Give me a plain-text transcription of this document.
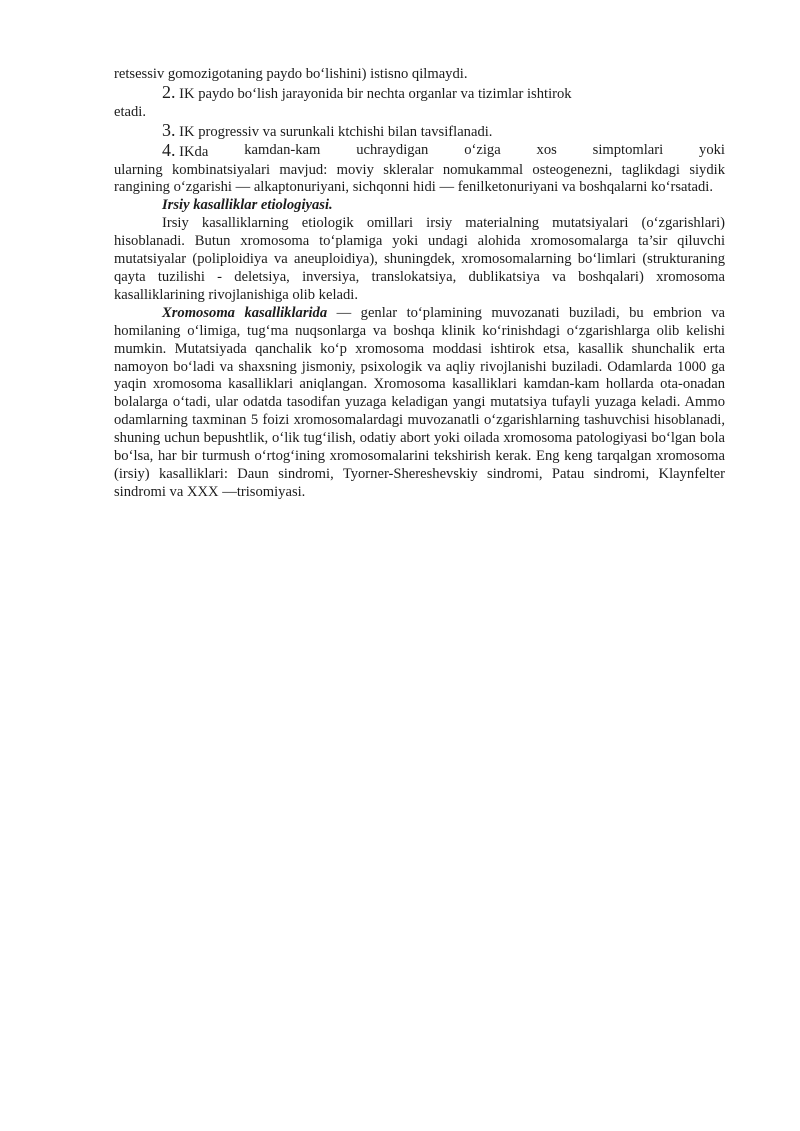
retsessiv gomozigotaning paydo bo‘lishini) istisno qilmaydi.

2. IK paydo bo‘lish jarayonida bir nechta organlar va tizimlar ishtirok

etadi.

3. IK progressiv va surunkali ktchishi bilan tavsiflanadi.

4. IKda kamdan-kam uchraydigan o‘ziga xos simptomlari yoki

ularning kombinatsiyalari mavjud: moviy skleralar nomukammal osteogenezni, taglikdagi siydik rangining o‘zgarishi — alkaptonuriyani, sichqonni hidi — fenilketonuriyani va boshqalarni ko‘rsatadi.

Irsiy kasalliklar etiologiyasi.

Irsiy kasalliklarning etiologik omillari irsiy materialning mutatsiyalari (o‘zgarishlari) hisoblanadi. Butun xromosoma to‘plamiga yoki undagi alohida xromosomalarga ta’sir qiluvchi mutatsiyalar (poliploidiya va aneuploidiya), shuningdek, xromosomalarning bo‘limlari (strukturaning qayta tuzilishi - deletsiya, inversiya, translokatsiya, dublikatsiya va boshqalari) xromosoma kasalliklarining rivojlanishiga olib keladi.

Xromosoma kasalliklarida — genlar to‘plamining muvozanati buziladi, bu embrion va homilaning o‘limiga, tug‘ma nuqsonlarga va boshqa klinik ko‘rinishdagi o‘zgarishlarga olib kelishi mumkin. Mutatsiyada qanchalik ko‘p xromosoma moddasi ishtirok etsa, kasallik shunchalik erta namoyon bo‘ladi va shaxsning jismoniy, psixologik va aqliy rivojlanishi buziladi. Odamlarda 1000 ga yaqin xromosoma kasalliklari aniqlangan. Xromosoma kasalliklari kamdan-kam hollarda ota-onadan bolalarga o‘tadi, ular odatda tasodifan yuzaga keladigan yangi mutatsiya tufayli yuzaga keladi. Ammo odamlarning taxminan 5 foizi xromosomalardagi muvozanatli o‘zgarishlarning tashuvchisi hisoblanadi, shuning uchun bepushtlik, o‘lik tug‘ilish, odatiy abort yoki oilada xromosoma patologiyasi bo‘lgan bola bo‘lsa, har bir turmush o‘rtog‘ining xromosomalarini tekshirish kerak. Eng keng tarqalgan xromosoma (irsiy) kasalliklari: Daun sindromi, Tyorner-Shereshevskiy sindromi, Patau sindromi, Klaynfelter sindromi va XXX —trisomiyasi.
